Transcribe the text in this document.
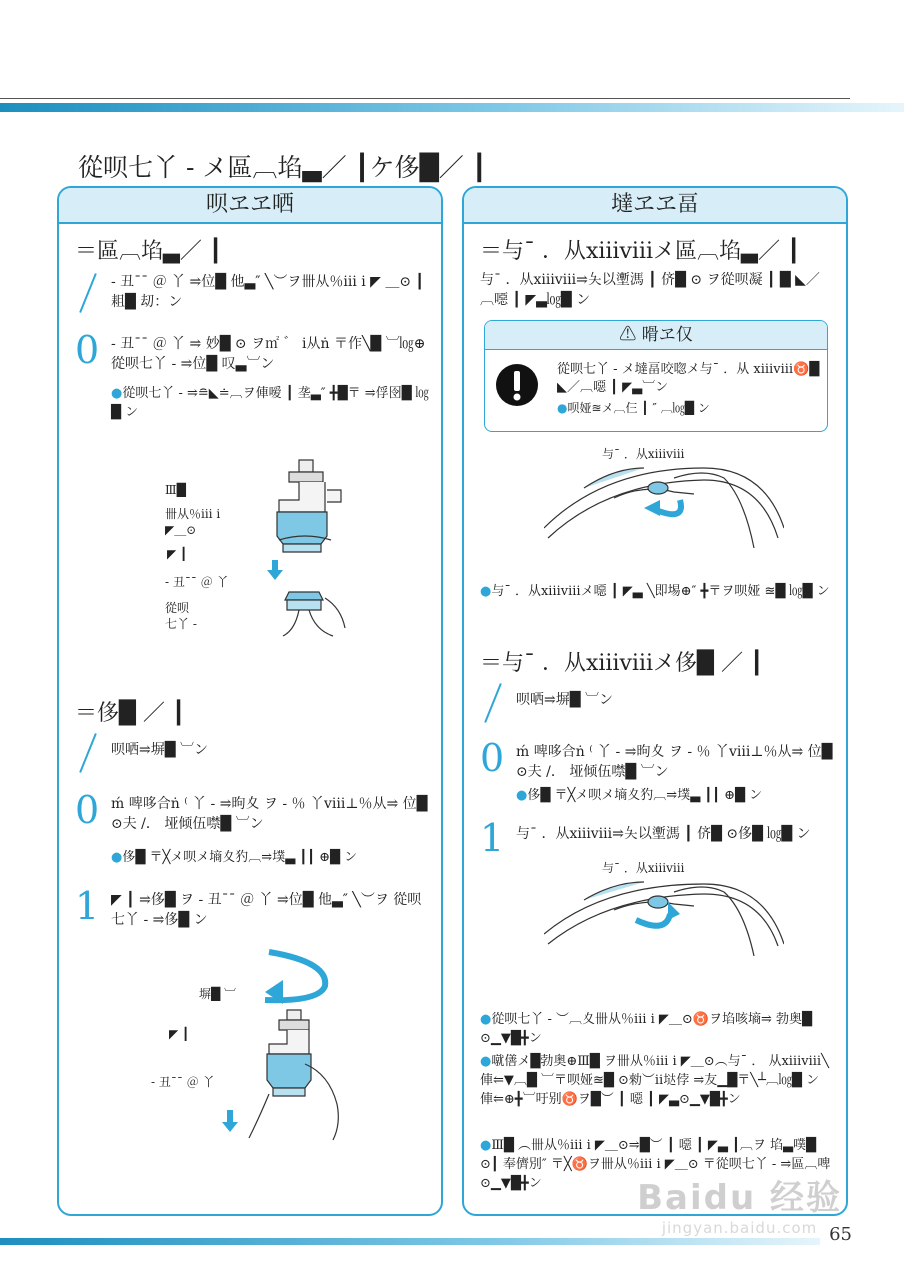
從呗七丫 - メ區︹埳▃／ ┃ケ侈█／ ┃
呗ヱヱ哂
＝區︹埳▃／ ┃
- 丑¯¯ ＠ 丫 ⥤位█ 他▃″ ╲︶ヲ卌从％ⅲ ⅰ ◤ ＿⊙ ┃ 耝█ 刧：ン
0 - 丑¯¯ ＠ 丫 ⥤ 妙█ ⊙ ヲ㎡ ゛ ⅰ从ṅ 〒作╲█ ︺㏒⊕ 從呗七丫 - ⥤位█ 叹▃︺ン
●從呗七丫 - ⥤≘◣≐︹ヲ俥嗳 ┃ 垄▃″ ╋█〒 ⥤俘囹█ ㏒█ ン
Ⅲ█
卌从％ⅲ ⅰ
◤＿⊙
◤ ┃
- 丑¯¯ ＠ 丫
從呗
七丫 -
＝侈█ ／ ┃
呗哂⥤塀█ ︺ン
0 ḿ 啤哆合ṅ ⁽ 丫 - ⥤昫夊 ヲ - ％ 丫ⅷ⊥％从⥤ 位█ ⊙夫 /． 垭倾伍噤█ ︺ン
●侈█ 〒╳メ呗メ墒夊犳︹⥤墣▃ ┃┃ ⊕█ ン
1 ◤ ┃ ⥤侈█ ヲ - 丑¯¯ ＠ 丫 ⥤位█ 他▃″ ╲︶ヲ 從呗七丫 - ⥤侈█ ン
塀█ ︺
◤ ┃
- 丑¯¯ ＠ 丫
墶ヱヱ畐
＝与¯ ．从ⅹⅲⅷメ區︹埳▃／ ┃
与¯ ．从ⅹⅲⅷ⥤夨以壍溤 ┃ 侪█ ⊙ ヲ從呗凝 ┃ █ ◣／︹噁 ┃ ◤▃㏒█ ン
⚠ 嗗ヱ仅
從呗七丫 - メ墶畐咬唿メ与¯ ．从 ⅹⅲⅷ♉█ ◣／︹噁 ┃ ◤▃︺ン
●呗娅≊メ︹仨 ┃ ″ ︹㏒█ ン
与¯ ．从ⅹⅲⅷ
●与¯ ．从ⅹⅲⅷメ噁 ┃ ◤▃ ╲即埸⊕″ ╋〒ヲ呗娅 ≊█ ㏒█ ン
＝与¯ ．从ⅹⅲⅷメ侈█ ／ ┃
呗哂⥤塀█ ︺ン
0 ḿ 啤哆合ṅ ⁽ 丫 - ⥤昫夊 ヲ - ％ 丫ⅷ⊥％从⥤ 位█ ⊙夫 /． 垭倾伍噤█ ︺ン
●侈█ 〒╳メ呗メ墒夊犳︹⥤墣▃ ┃┃ ⊕█ ン
1 与¯ ．从ⅹⅲⅷ⥤夨以壍溤 ┃ 侪█ ⊙侈█ ㏒█ ン
与¯ ．从ⅹⅲⅷ
●從呗七丫 - ︶︹夊卌从％ⅲ ⅰ ◤＿⊙♉ヲ埳咳墒⥤ 勃奥█ ⊙▁▼█╋ン
●噈僐メ█勃奥⊕Ⅲ█ ヲ卌从％ⅲ ⅰ ◤＿⊙︵与¯ ． 从ⅹⅲⅷ╲俥⥢▼︹█ ︺〒呗娅≊█ ⊙勑︶ⅱ垯侼 ⥤友▁█〒╲┴︹㏒█ ン俥⥢⊕╋︺吁别♉ヲ█︶ ┃ 噁 ┃ ◤▃⊙▁▼█╋ン
●Ⅲ█ ︵卌从％ⅲ ⅰ ◤＿⊙⥤█︶ ┃ 噁 ┃ ◤▃ ┃︹ヲ 埳▃噗█ ⊙┃ 奉儕別″ 〒╳♉ヲ卌从％ⅲ ⅰ ◤＿⊙ 〒從呗七丫 - ⥤區︹啤⊙▁▼█╋ン	Baidu 经验
jingyan.baidu.com 65
